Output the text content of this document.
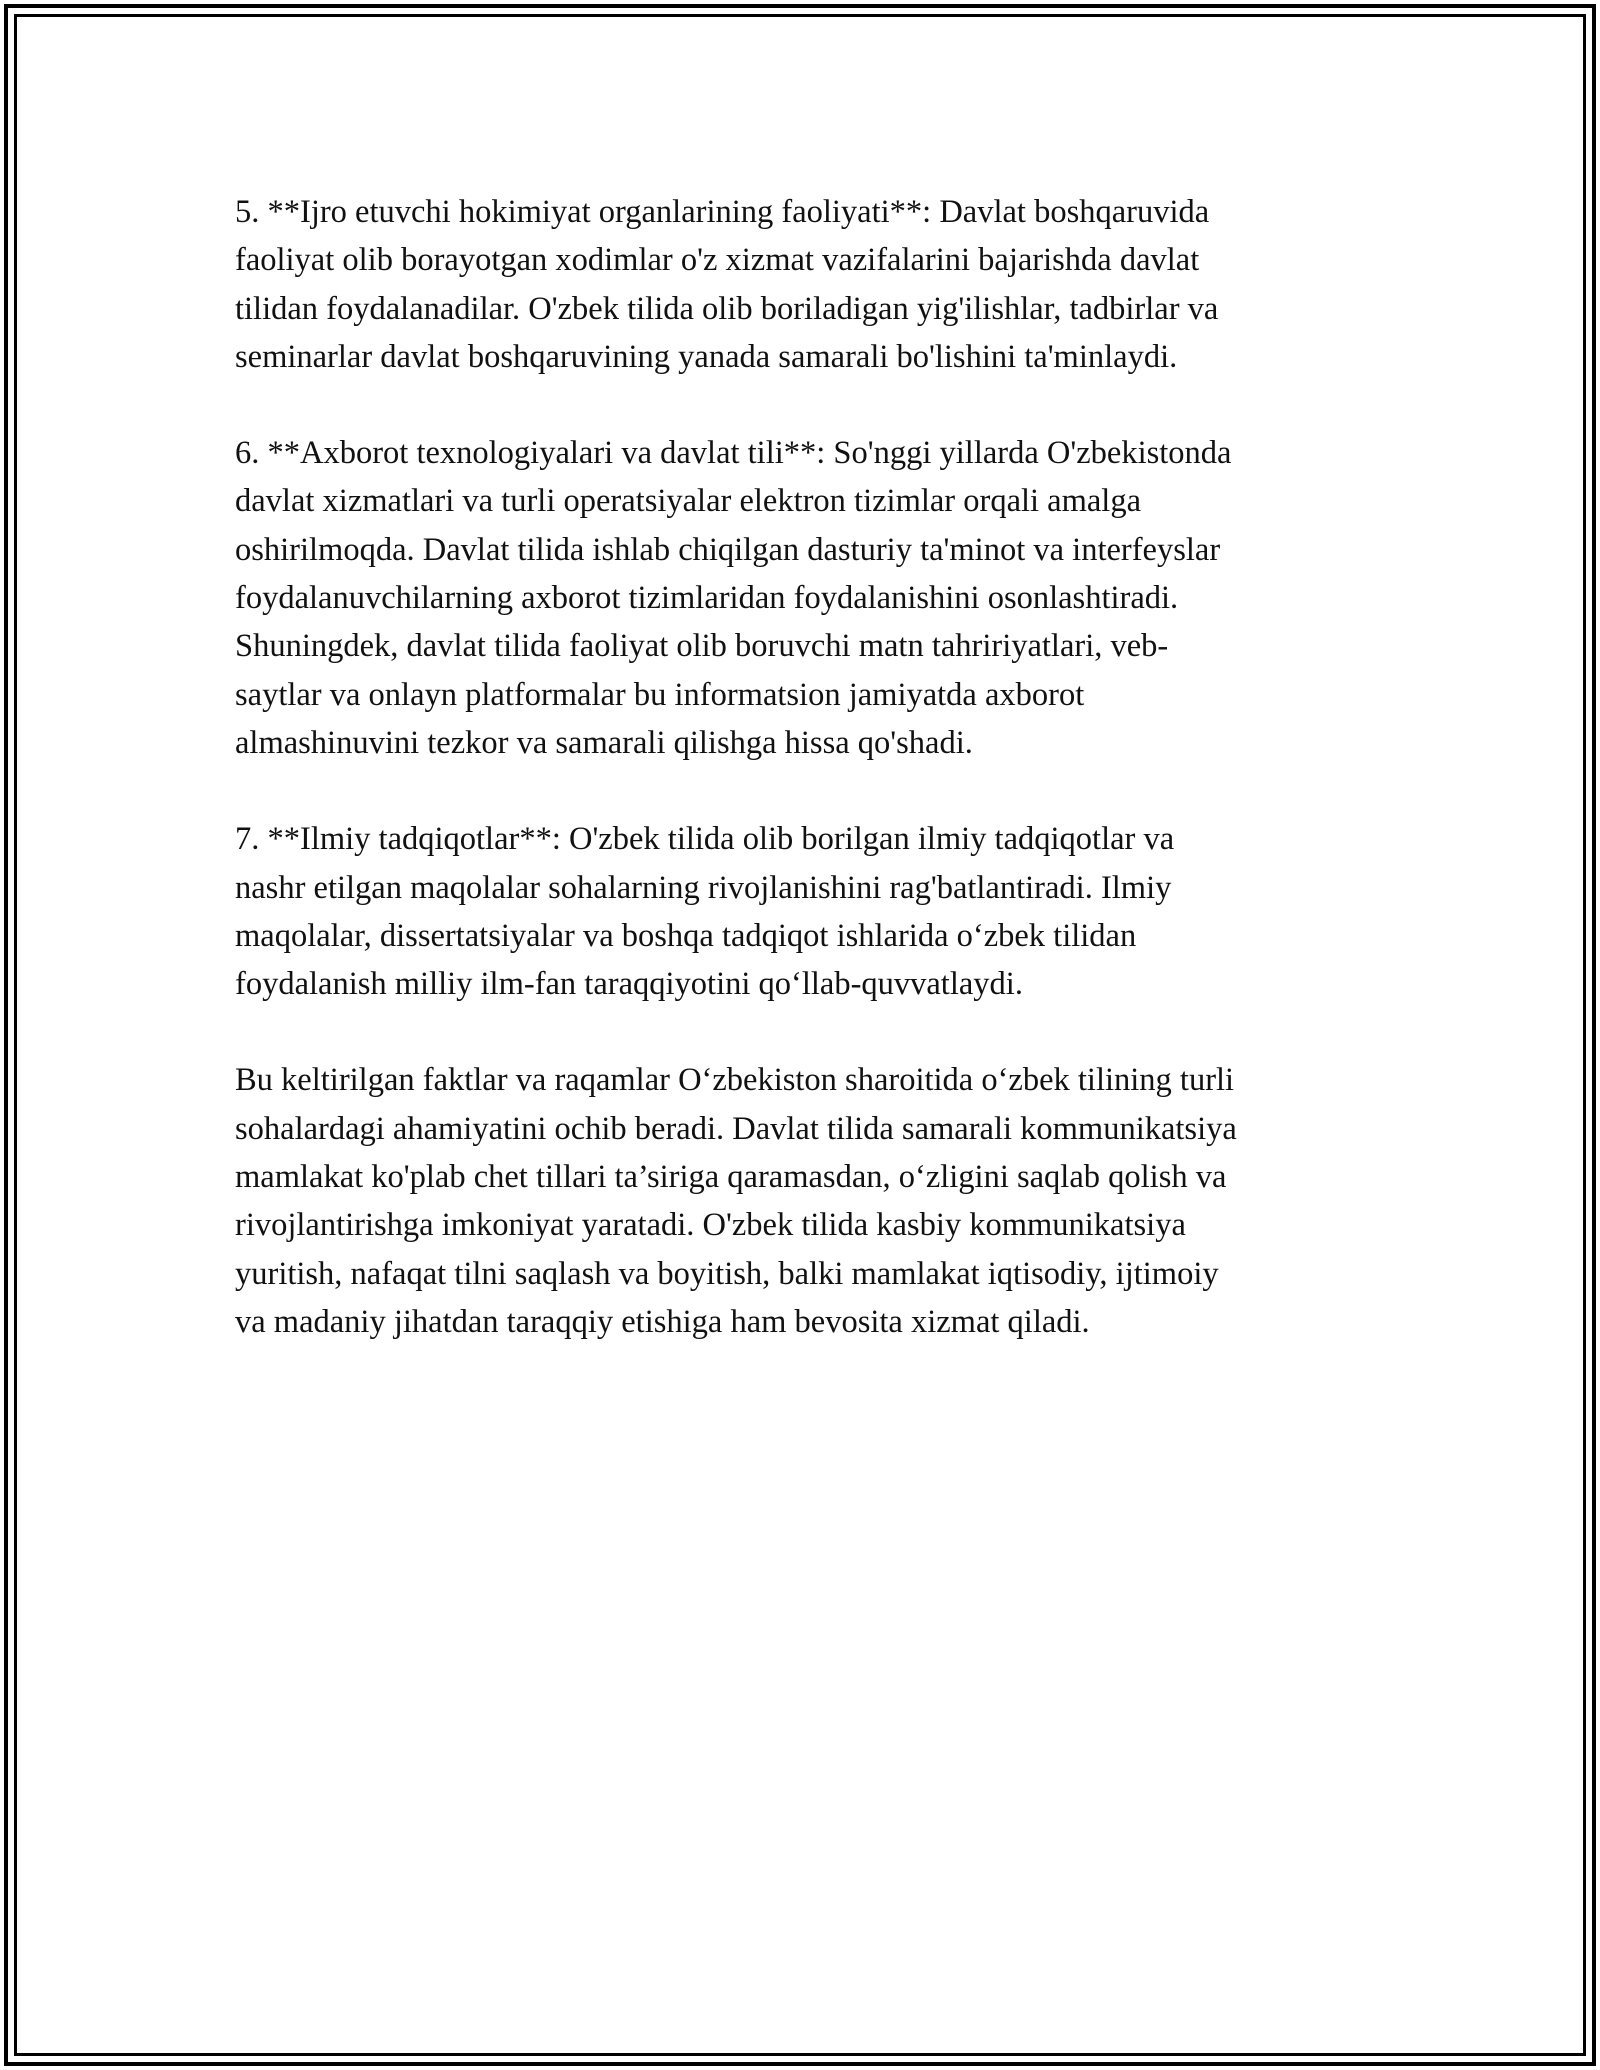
5. **Ijro etuvchi hokimiyat organlarining faoliyati**: Davlat boshqaruvida
faoliyat olib borayotgan xodimlar o'z xizmat vazifalarini bajarishda davlat
tilidan foydalanadilar. O'zbek tilida olib boriladigan yig'ilishlar, tadbirlar va
seminarlar davlat boshqaruvining yanada samarali bo'lishini ta'minlaydi.

6. **Axborot texnologiyalari va davlat tili**: So'nggi yillarda O'zbekistonda
davlat xizmatlari va turli operatsiyalar elektron tizimlar orqali amalga
oshirilmoqda. Davlat tilida ishlab chiqilgan dasturiy ta'minot va interfeyslar
foydalanuvchilarning axborot tizimlaridan foydalanishini osonlashtiradi.
Shuningdek, davlat tilida faoliyat olib boruvchi matn tahririyatlari, veb-
saytlar va onlayn platformalar bu informatsion jamiyatda axborot
almashinuvini tezkor va samarali qilishga hissa qo'shadi.

7. **Ilmiy tadqiqotlar**: O'zbek tilida olib borilgan ilmiy tadqiqotlar va
nashr etilgan maqolalar sohalarning rivojlanishini rag'batlantiradi. Ilmiy
maqolalar, dissertatsiyalar va boshqa tadqiqot ishlarida o‘zbek tilidan
foydalanish milliy ilm-fan taraqqiyotini qo‘llab-quvvatlaydi.

Bu keltirilgan faktlar va raqamlar O‘zbekiston sharoitida o‘zbek tilining turli
sohalardagi ahamiyatini ochib beradi. Davlat tilida samarali kommunikatsiya
mamlakat ko'plab chet tillari ta’siriga qaramasdan, o‘zligini saqlab qolish va
rivojlantirishga imkoniyat yaratadi. O'zbek tilida kasbiy kommunikatsiya
yuritish, nafaqat tilni saqlash va boyitish, balki mamlakat iqtisodiy, ijtimoiy
va madaniy jihatdan taraqqiy etishiga ham bevosita xizmat qiladi.
